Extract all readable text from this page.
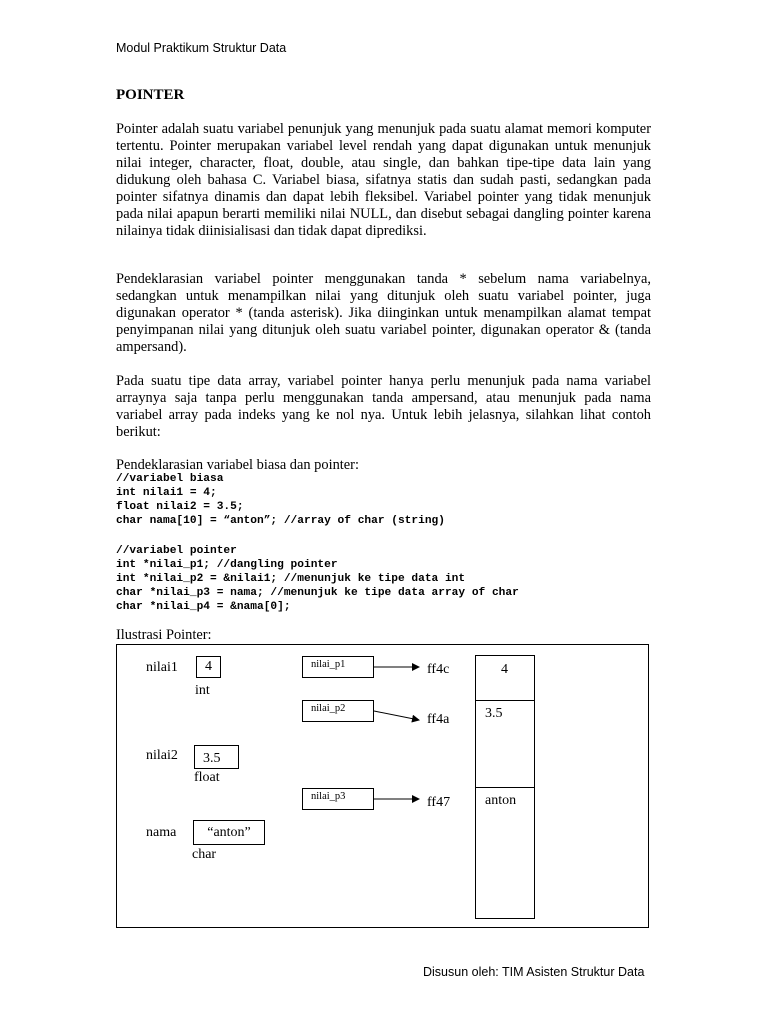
Modul Praktikum Struktur Data
POINTER

Pointer adalah suatu variabel penunjuk yang menunjuk pada suatu alamat memori komputer tertentu. Pointer merupakan variabel level rendah yang dapat digunakan untuk menunjuk nilai integer, character, float, double, atau single, dan bahkan tipe-tipe data lain yang didukung oleh bahasa C. Variabel biasa, sifatnya statis dan sudah pasti, sedangkan pada pointer sifatnya dinamis dan dapat lebih fleksibel. Variabel pointer yang tidak menunjuk pada nilai apapun berarti memiliki nilai NULL, dan disebut sebagai dangling pointer karena nilainya tidak diinisialisasi dan tidak dapat diprediksi.

Pendeklarasian variabel pointer menggunakan tanda * sebelum nama variabelnya, sedangkan untuk menampilkan nilai yang ditunjuk oleh suatu variabel pointer, juga digunakan operator * (tanda asterisk). Jika diinginkan untuk menampilkan alamat tempat penyimpanan nilai yang ditunjuk oleh suatu variabel pointer, digunakan operator & (tanda ampersand).

Pada suatu tipe data array, variabel pointer hanya perlu menunjuk pada nama variabel arraynya saja tanpa perlu menggunakan tanda ampersand, atau menunjuk pada nama variabel array pada indeks yang ke nol nya. Untuk lebih jelasnya, silahkan lihat contoh berikut:

Pendeklarasian variabel biasa dan pointer:
//variabel biasa
int nilai1 = 4;
float nilai2 = 3.5;
char nama[10] = “anton”; //array of char (string)
//variabel pointer
int *nilai_p1; //dangling pointer
int *nilai_p2 = &nilai1; //menunjuk ke tipe data int
char *nilai_p3 = nama; //menunjuk ke tipe data array of char
char *nilai_p4 = &nama[0];
Ilustrasi Pointer:
nilai1	4
int
nilai2	3.5
float
nama	“anton”
char
nilai_p1
nilai_p2
nilai_p3
ff4c
ff4a
ff47
4
3.5
anton
Disusun oleh: TIM Asisten Struktur Data
